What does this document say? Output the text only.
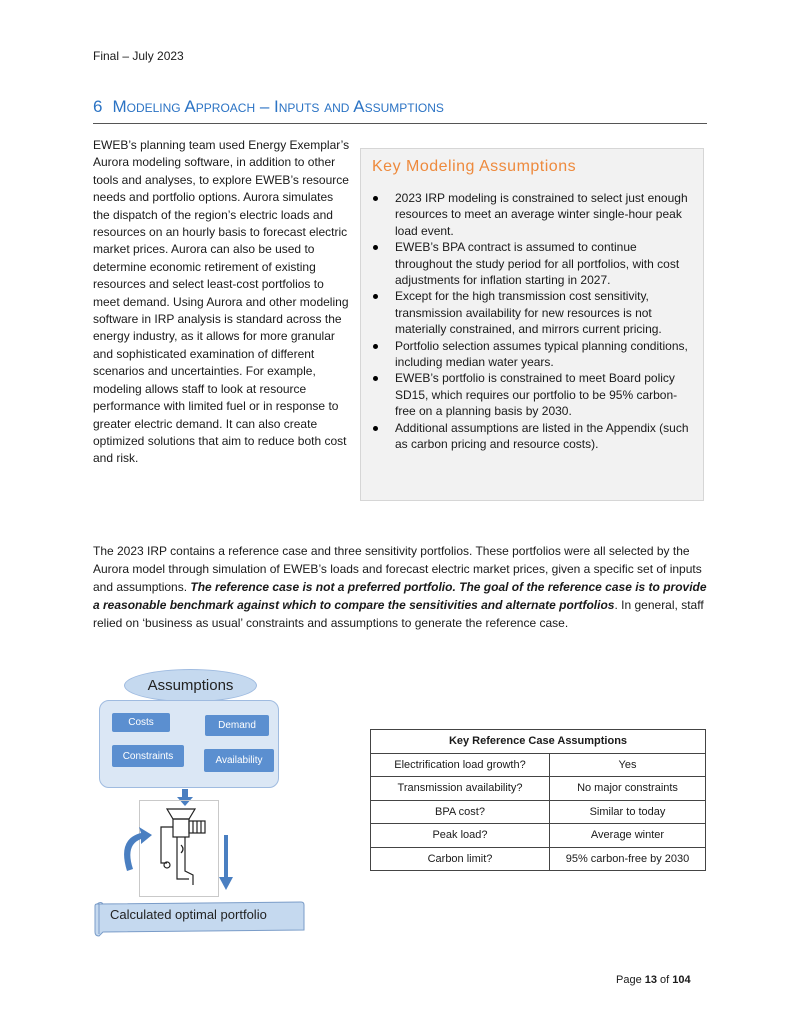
Final – July 2023
6 Modeling Approach – Inputs and Assumptions
EWEB’s planning team used Energy Exemplar’s Aurora modeling software, in addition to other tools and analyses, to explore EWEB’s resource needs and portfolio options. Aurora simulates the dispatch of the region’s electric loads and resources on an hourly basis to forecast electric market prices. Aurora can also be used to determine economic retirement of existing resources and select least-cost portfolios to meet demand. Using Aurora and other modeling software in IRP analysis is standard across the energy industry, as it allows for more granular and sophisticated examination of different scenarios and uncertainties. For example, modeling allows staff to look at resource performance with limited fuel or in response to greater electric demand. It can also create optimized solutions that aim to reduce both cost and risk.
Key Modeling Assumptions
2023 IRP modeling is constrained to select just enough resources to meet an average winter single-hour peak load event.
EWEB’s BPA contract is assumed to continue throughout the study period for all portfolios, with cost adjustments for inflation starting in 2027.
Except for the high transmission cost sensitivity, transmission availability for new resources is not materially constrained, and mirrors current pricing.
Portfolio selection assumes typical planning conditions, including median water years.
EWEB’s portfolio is constrained to meet Board policy SD15, which requires our portfolio to be 95% carbon-free on a planning basis by 2030.
Additional assumptions are listed in the Appendix (such as carbon pricing and resource costs).
The 2023 IRP contains a reference case and three sensitivity portfolios. These portfolios were all selected by the Aurora model through simulation of EWEB’s loads and forecast electric market prices, given a specific set of inputs and assumptions. The reference case is not a preferred portfolio. The goal of the reference case is to provide a reasonable benchmark against which to compare the sensitivities and alternate portfolios. In general, staff relied on ‘business as usual’ constraints and assumptions to generate the reference case.
Assumptions
Costs	Demand
Constraints	Availability
Calculated optimal portfolio
Key Reference Case Assumptions	
Electrification load growth?	Yes
Transmission availability?	No major constraints
BPA cost?	Similar to today
Peak load?	Average winter
Carbon limit?	95% carbon-free by 2030
Page 13 of 104
